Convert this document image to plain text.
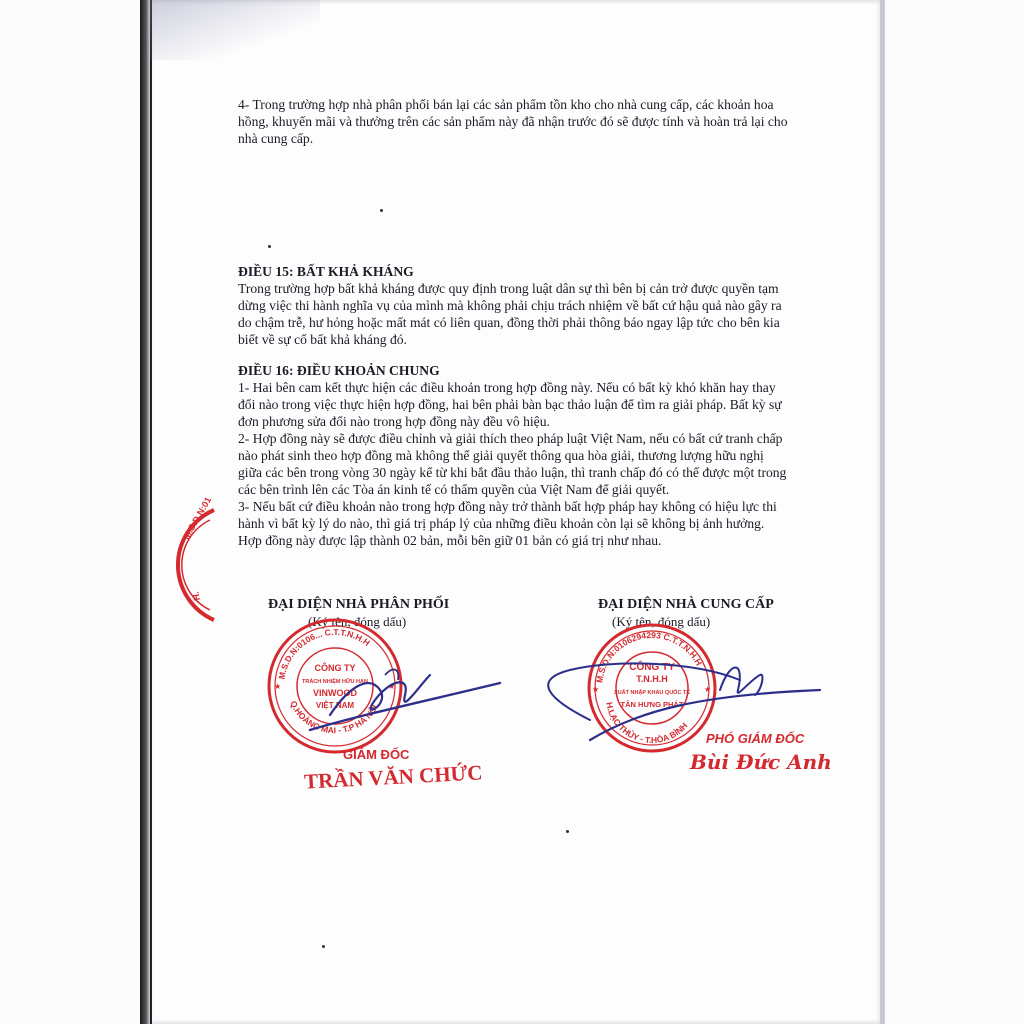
4- Trong trường hợp nhà phân phối bán lại các sản phẩm tồn kho cho nhà cung cấp, các khoản hoa hồng, khuyến mãi và thưởng trên các sản phẩm này đã nhận trước đó sẽ được tính và hoàn trả lại cho nhà cung cấp.

ĐIỀU 15: BẤT KHẢ KHÁNG

Trong trường hợp bất khả kháng được quy định trong luật dân sự thì bên bị cản trở được quyền tạm dừng việc thi hành nghĩa vụ của mình mà không phải chịu trách nhiệm về bất cứ hậu quả nào gây ra do chậm trễ, hư hỏng hoặc mất mát có liên quan, đồng thời phải thông báo ngay lập tức cho bên kia biết về sự cố bất khả kháng đó.

ĐIỀU 16: ĐIỀU KHOẢN CHUNG

1- Hai bên cam kết thực hiện các điều khoản trong hợp đồng này. Nếu có bất kỳ khó khăn hay thay đổi nào trong việc thực hiện hợp đồng, hai bên phải bàn bạc thảo luận để tìm ra giải pháp. Bất kỳ sự đơn phương sửa đổi nào trong hợp đồng này đều vô hiệu.

2- Hợp đồng này sẽ được điều chỉnh và giải thích theo pháp luật Việt Nam, nếu có bất cứ tranh chấp nào phát sinh theo hợp đồng mà không thể giải quyết thông qua hòa giải, thương lượng hữu nghị giữa các bên trong vòng 30 ngày kể từ khi bắt đầu thảo luận, thì tranh chấp đó có thể được một trong các bên trình lên các Tòa án kinh tế có thẩm quyền của Việt Nam để giải quyết.

3- Nếu bất cứ điều khoản nào trong hợp đồng này trở thành bất hợp pháp hay không có hiệu lực thi hành vì bất kỳ lý do nào, thì giá trị pháp lý của những điều khoản còn lại sẽ không bị ảnh hưởng.

Hợp đồng này được lập thành 02 bản, mỗi bên giữ 01 bản có giá trị như nhau.

ĐẠI DIỆN NHÀ PHÂN PHỐI
(Ký tên, đóng dấu)
ĐẠI DIỆN NHÀ CUNG CẤP
(Ký tên, đóng dấu)
M.S.D.N:01
H.
M.S.D.N:0106... C.T.T.N.H.H
Q.HOÀNG MAI - T.P HÀ NỘI
CÔNG TY
TRÁCH NHIỆM HỮU HẠN
VINWOOD
VIỆT NAM
★	★
GIÁM ĐỐC
TRẦN VĂN CHỨC
M.S.D.N:0106294293 C.T.T.N.H.H
H.LẠC THỦY - T.HÒA BÌNH
CÔNG TY
T.N.H.H
XUẤT NHẬP KHẨU QUỐC TẾ
TÂN HƯNG PHÁT
★	★
PHÓ GIÁM ĐỐC
Bùi Đức Anh
